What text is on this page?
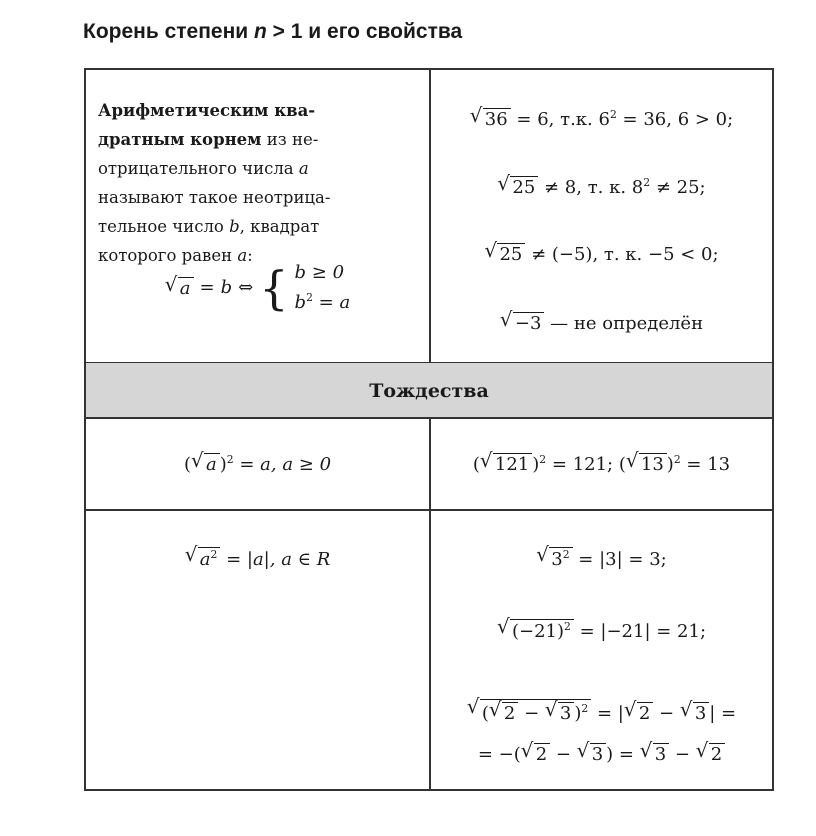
Корень степени n > 1 и его свойства
Тождества
Арифметическим ква-
дратным корнем из не-
отрицательного числа a
называют такое неотрица-
тельное число b, квадрат
которого равен a:
√ a = b ⇔ { b ≥ 0
$b^2 = a$
√ 36 = 6, т.к. $6^2 = 36$, 6 > 0;
√ 25 ≠ 8, т. к. $8^2 \ne 25$;
√ 25 ≠ (−5), т. к. −5 < 0;
√ −3 — не определён
( √ a )$^2$ = a, a ≥ 0	( √ 121 )$^2$ = 121; ( √ 13 )$^2$ = 13
√ $a^2 = |a|$, a ∈ R	√ $3^2 = |3| = 3$;
√ $(-21)^2 = |-21| = 21$;
√ ( √ 2 − √ 3 )$^2$ = | √ 2 − √ 3 | =
= −( √ 2 − √ 3 ) = √ 3 − √ 2
